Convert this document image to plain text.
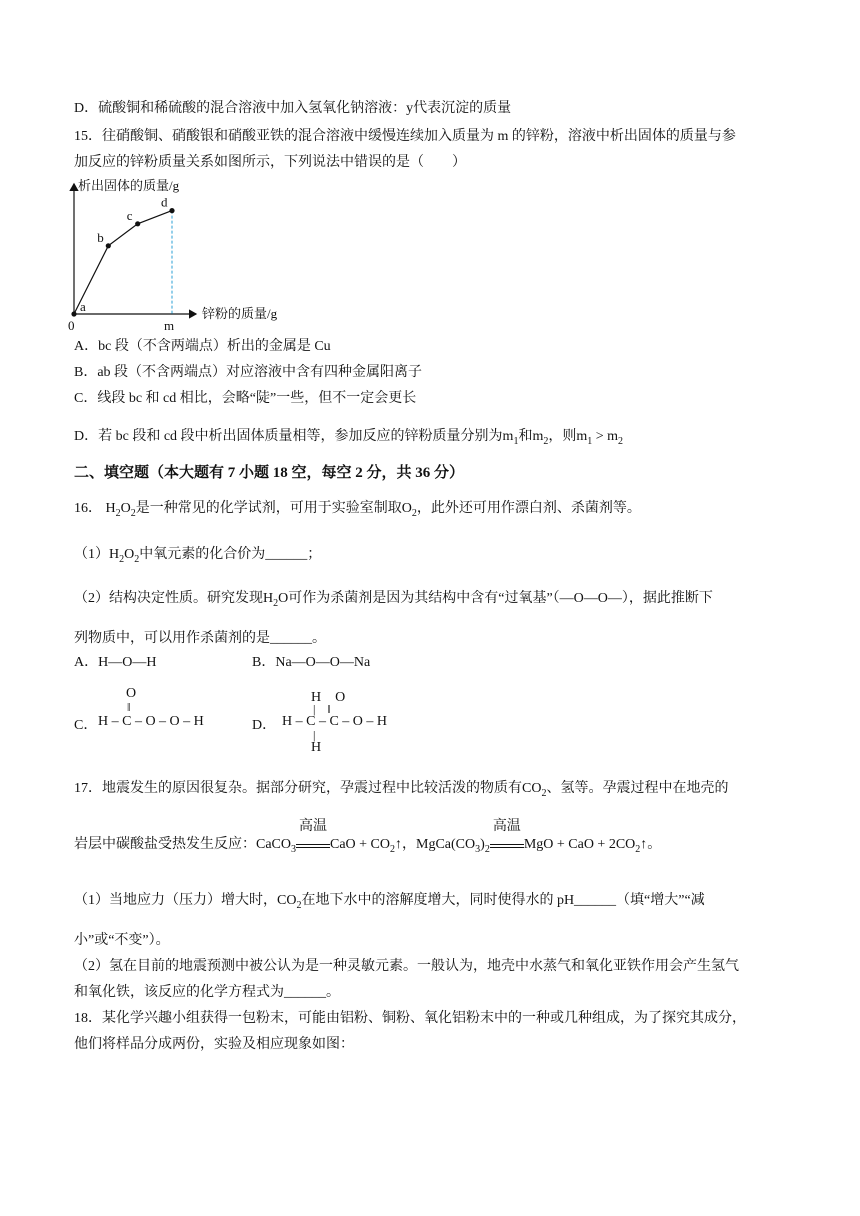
D．硫酸铜和稀硫酸的混合溶液中加入氢氧化钠溶液：y代表沉淀的质量
15．往硝酸铜、硝酸银和硝酸亚铁的混合溶液中缓慢连续加入质量为 m 的锌粉，溶液中析出固体的质量与参
加反应的锌粉质量关系如图所示，下列说法中错误的是（　　）
析出固体的质量/g
锌粉的质量/g
0	m
a
b
c
d
A．bc 段（不含两端点）析出的金属是 Cu
B．ab 段（不含两端点）对应溶液中含有四种金属阳离子
C．线段 bc 和 cd 相比，会略“陡”一些，但不一定会更长
D．若 bc 段和 cd 段中析出固体质量相等，参加反应的锌粉质量分别为$m_1$和$m_2$，则$m_1 > m_2$
二、填空题（本大题有 7 小题 18 空，每空 2 分，共 36 分）
16． $H_2O_2$是一种常见的化学试剂，可用于实验室制取$O_2$，此外还可用作漂白剂、杀菌剂等。
$(1)H_2O_2$中氧元素的化合价为______；
（2）结构决定性质。研究发现$H_2O$可作为杀菌剂是因为其结构中含有“过氧基”（—O—O—），据此推断下
列物质中，可以用作杀菌剂的是______。
A．H—O—H	B．Na—O—O—Na
C．
O
‖
H – C – O – O – H	D．
H　O
|　‖
H – C – C – O – H
|
H
17．地震发生的原因很复杂。据部分研究，孕震过程中比较活泼的物质有$CO_2$、氢等。孕震过程中在地壳的
岩层中碳酸盐受热发生反应：CaCO$_3$
高温
CaO + $CO_2↑$，$MgCa(CO_3)_2$
高温
MgO + CaO + $2CO_2↑$。
（1）当地应力（压力）增大时，$CO_2$在地下水中的溶解度增大，同时使得水的 pH______（填“增大”“减
小”或“不变”）。
（2）氢在目前的地震预测中被公认为是一种灵敏元素。一般认为，地壳中水蒸气和氧化亚铁作用会产生氢气
和氧化铁，该反应的化学方程式为______。
18．某化学兴趣小组获得一包粉末，可能由铝粉、铜粉、氧化铝粉末中的一种或几种组成，为了探究其成分，
他们将样品分成两份，实验及相应现象如图：
